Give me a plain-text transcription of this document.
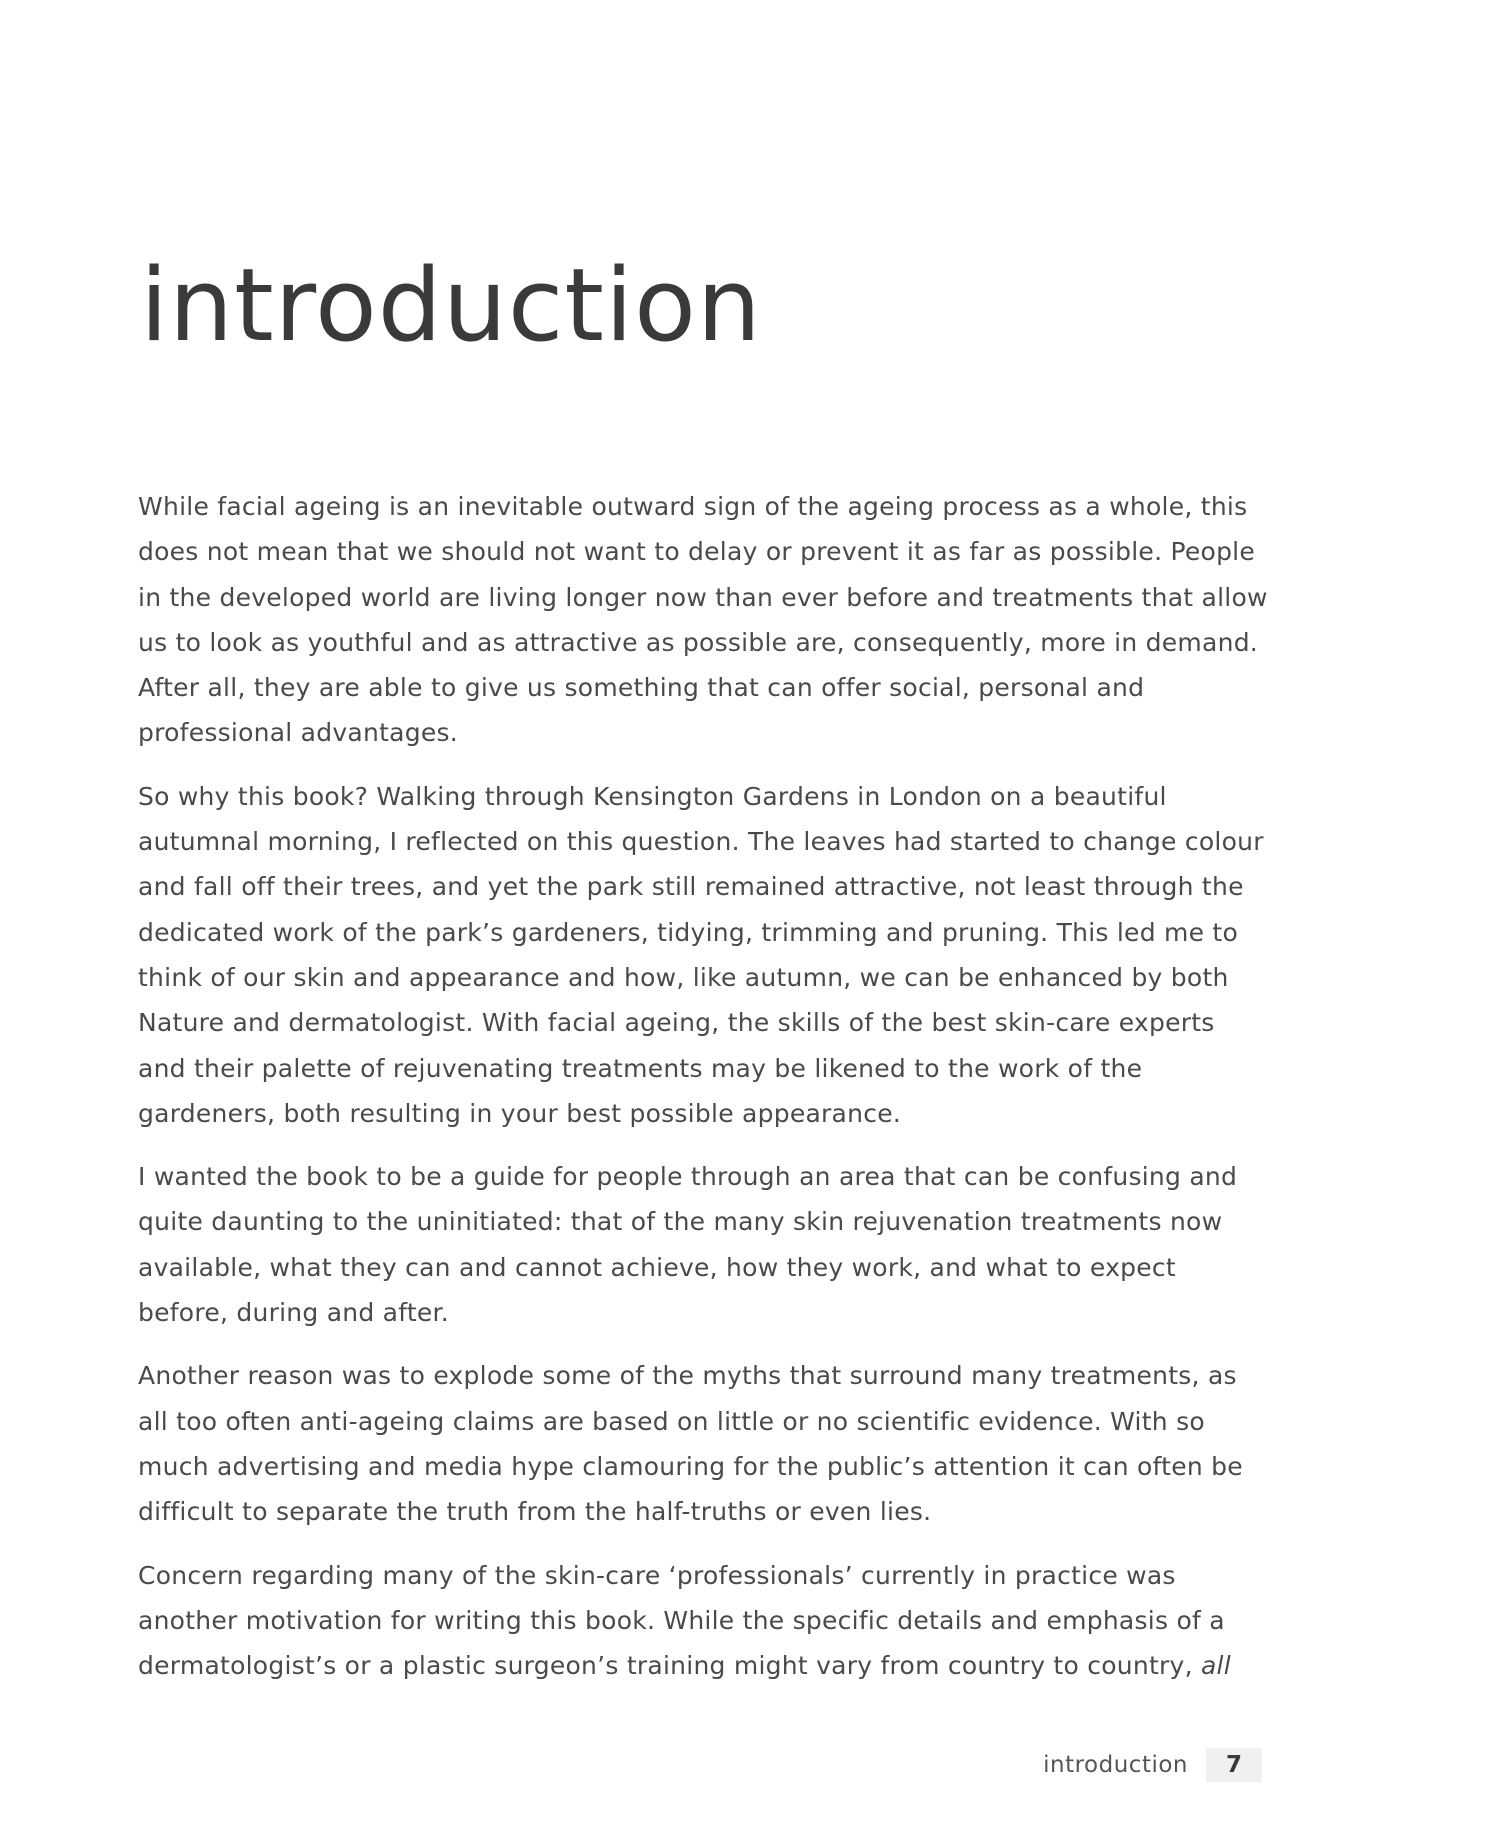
introduction

While facial ageing is an inevitable outward sign of the ageing process as a whole, this does not mean that we should not want to delay or prevent it as far as possible. People in the developed world are living longer now than ever before and treatments that allow us to look as youthful and as attractive as possible are, consequently, more in demand. After all, they are able to give us something that can offer social, personal and professional advantages.

So why this book? Walking through Kensington Gardens in London on a beautiful autumnal morning, I reflected on this question. The leaves had started to change colour and fall off their trees, and yet the park still remained attractive, not least through the dedicated work of the park’s gardeners, tidying, trimming and pruning. This led me to think of our skin and appearance and how, like autumn, we can be enhanced by both Nature and dermatologist. With facial ageing, the skills of the best skin-care experts and their palette of rejuvenating treatments may be likened to the work of the gardeners, both resulting in your best possible appearance.

I wanted the book to be a guide for people through an area that can be confusing and quite daunting to the uninitiated: that of the many skin rejuvenation treatments now available, what they can and cannot achieve, how they work, and what to expect before, during and after.

Another reason was to explode some of the myths that surround many treatments, as all too often anti-ageing claims are based on little or no scientific evidence. With so much advertising and media hype clamouring for the public’s attention it can often be difficult to separate the truth from the half-truths or even lies.

Concern regarding many of the skin-care ‘professionals’ currently in practice was another motivation for writing this book. While the specific details and emphasis of a dermatologist’s or a plastic surgeon’s training might vary from country to country, all

introduction	7
